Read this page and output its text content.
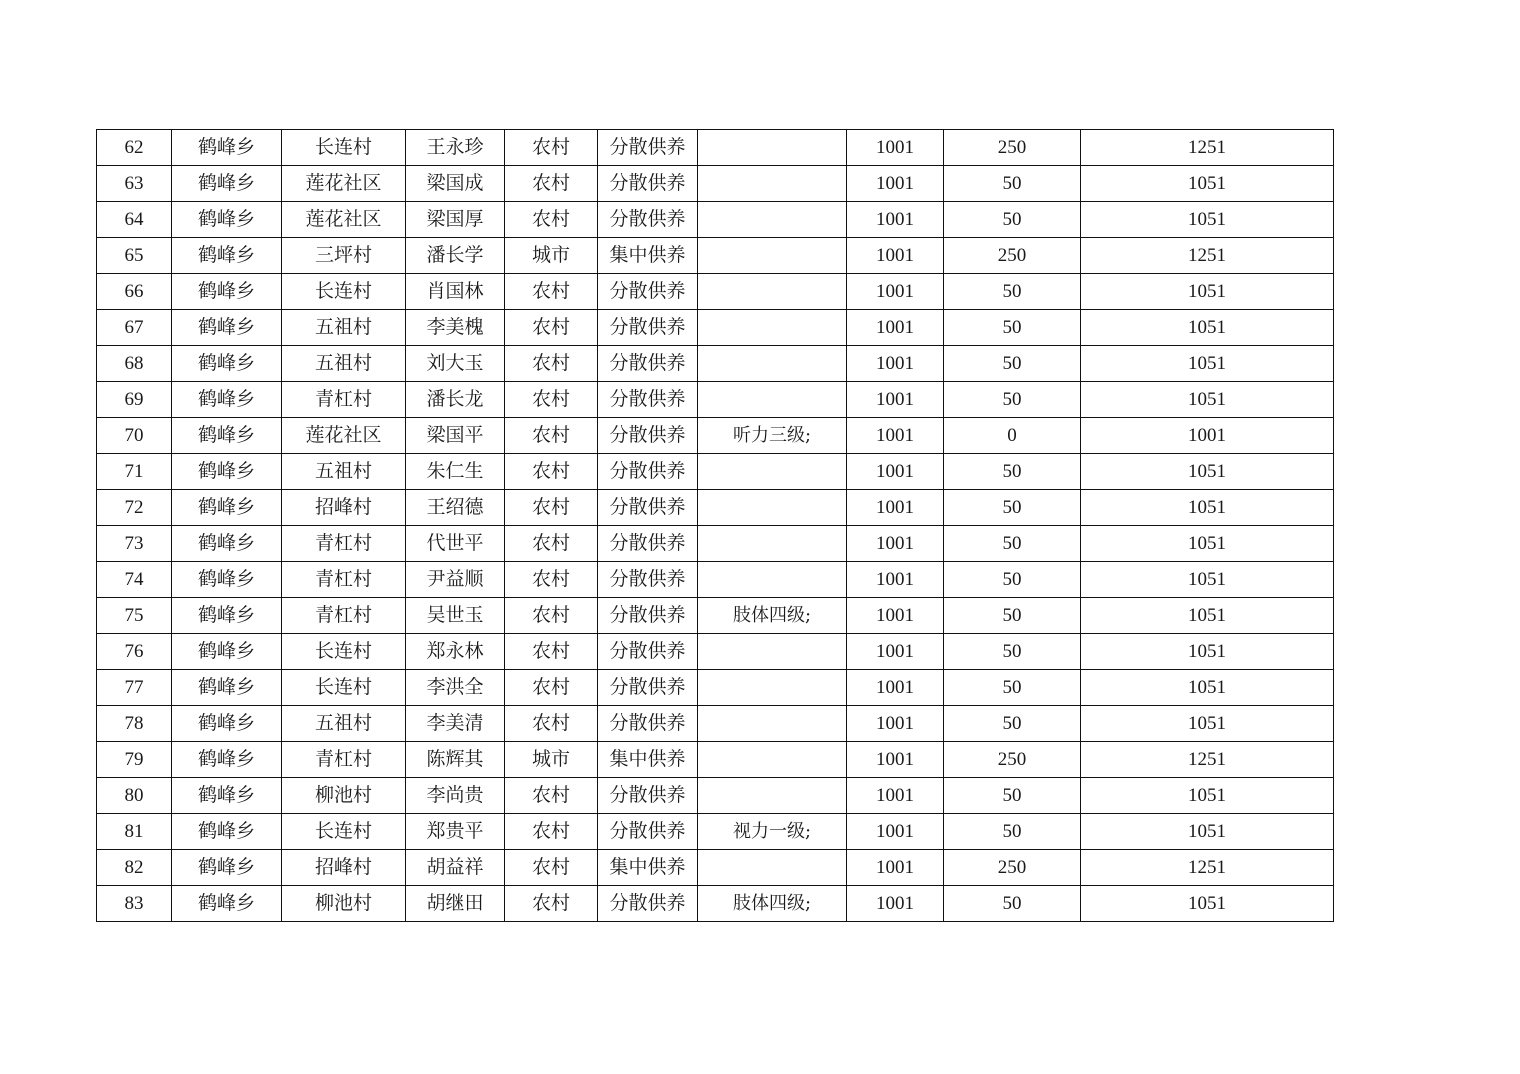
62	鹤峰乡	长连村	王永珍	农村	分散供养		1001	250	1251
63	鹤峰乡	莲花社区	梁国成	农村	分散供养		1001	50	1051
64	鹤峰乡	莲花社区	梁国厚	农村	分散供养		1001	50	1051
65	鹤峰乡	三坪村	潘长学	城市	集中供养		1001	250	1251
66	鹤峰乡	长连村	肖国林	农村	分散供养		1001	50	1051
67	鹤峰乡	五祖村	李美槐	农村	分散供养		1001	50	1051
68	鹤峰乡	五祖村	刘大玉	农村	分散供养		1001	50	1051
69	鹤峰乡	青杠村	潘长龙	农村	分散供养		1001	50	1051
70	鹤峰乡	莲花社区	梁国平	农村	分散供养	听力三级;	1001	0	1001
71	鹤峰乡	五祖村	朱仁生	农村	分散供养		1001	50	1051
72	鹤峰乡	招峰村	王绍德	农村	分散供养		1001	50	1051
73	鹤峰乡	青杠村	代世平	农村	分散供养		1001	50	1051
74	鹤峰乡	青杠村	尹益顺	农村	分散供养		1001	50	1051
75	鹤峰乡	青杠村	吴世玉	农村	分散供养	肢体四级;	1001	50	1051
76	鹤峰乡	长连村	郑永林	农村	分散供养		1001	50	1051
77	鹤峰乡	长连村	李洪全	农村	分散供养		1001	50	1051
78	鹤峰乡	五祖村	李美清	农村	分散供养		1001	50	1051
79	鹤峰乡	青杠村	陈辉其	城市	集中供养		1001	250	1251
80	鹤峰乡	柳池村	李尚贵	农村	分散供养		1001	50	1051
81	鹤峰乡	长连村	郑贵平	农村	分散供养	视力一级;	1001	50	1051
82	鹤峰乡	招峰村	胡益祥	农村	集中供养		1001	250	1251
83	鹤峰乡	柳池村	胡继田	农村	分散供养	肢体四级;	1001	50	1051
